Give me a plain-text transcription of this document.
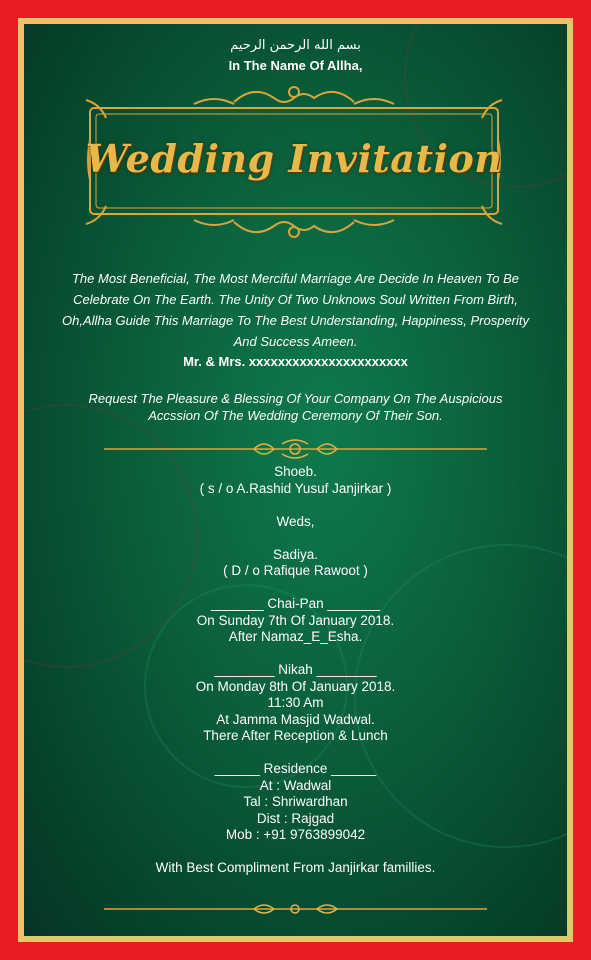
بسم الله الرحمن الرحيم
In The Name Of Allha,
Wedding Invitation
The Most Beneficial, The Most Merciful Marriage Are Decide In Heaven To Be
Celebrate On The Earth. The Unity Of Two Unknows Soul Written From Birth,
Oh,Allha Guide This Marriage To The Best Understanding, Happiness, Prosperity
And Success Ameen.
Mr. & Mrs. xxxxxxxxxxxxxxxxxxxxxx
Request The Pleasure & Blessing Of Your Company On The Auspicious
Accssion Of The Wedding Ceremony Of Their Son.
Shoeb.
( s / o A.Rashid Yusuf Janjirkar )
Weds,
Sadiya.
( D / o Rafique Rawoot )
_______ Chai-Pan _______
On Sunday 7th Of January 2018.
After Namaz_E_Esha.
________ Nikah ________
On Monday 8th Of January 2018.
11:30 Am
At Jamma Masjid Wadwal.
There After Reception & Lunch
______ Residence ______
At : Wadwal
Tal : Shriwardhan
Dist : Rajgad
Mob : +91 9763899042
With Best Compliment From Janjirkar famillies.
